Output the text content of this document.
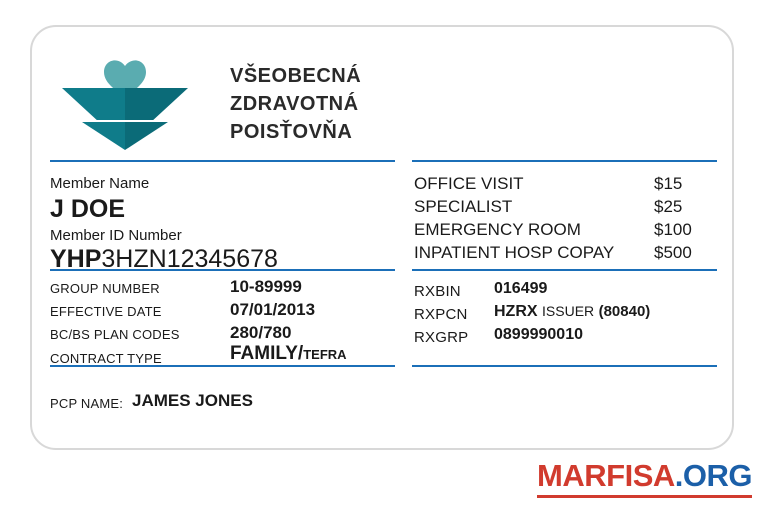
VŠEOBECNÁ
ZDRAVOTNÁ
POISŤOVŇA
Member Name
J DOE
Member ID Number
YHP3HZN12345678
GROUP NUMBER	10-89999
EFFECTIVE DATE	07/01/2013
BC/BS PLAN CODES	280/780
CONTRACT TYPE	FAMILY/TEFRA
PCP NAME: JAMES JONES
OFFICE VISIT	$15
SPECIALIST	$25
EMERGENCY ROOM	$100
INPATIENT HOSP COPAY $500
RXBIN 016499
RXPCN HZRX ISSUER (80840)
RXGRP 0899990010
MARFISA.ORG
